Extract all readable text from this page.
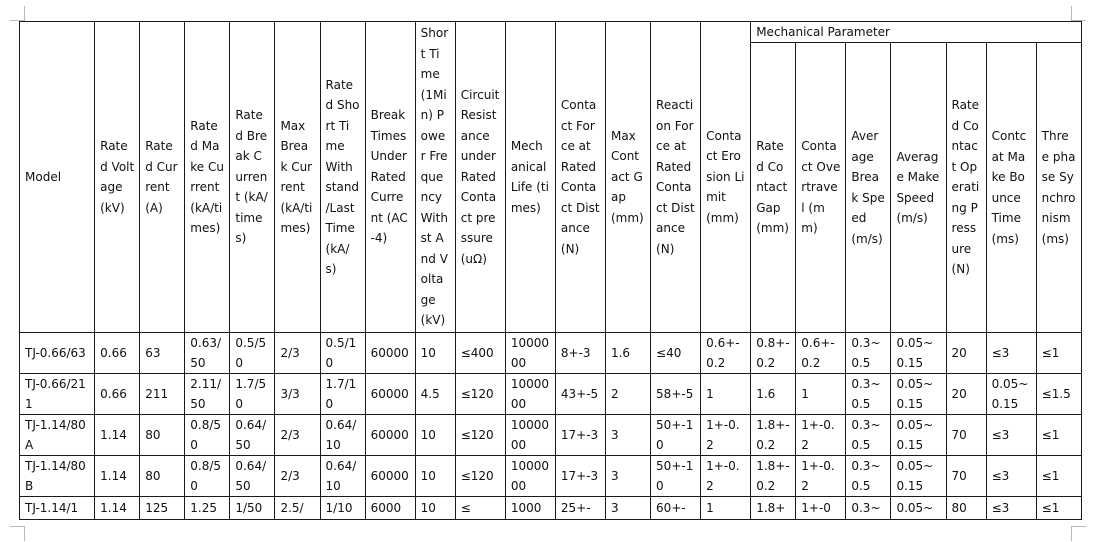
Model	Rated Voltage (kV)	Rated Current (A)	Rated Make Current (kA/times)	Rated Break Current (kA/times)	Max Break Current (kA/times)	Rated Short Time With stand /Last Time (kA/s)	Break Times Under Rated Current (AC-4)	Short Time (1Min) Power Frequency With st And Voltage (kV)	Circuit Resistance under Rated Contact pressure (uΩ)	Mechanical Life (times)	Contact Force at Rated Contact Distance (N)	Max Contact Gap (mm)	Reaction Force at Rated Contact Distance (N)	Contact Erosion Limit (mm)	Mechanical Parameter						
															Rated Contact Gap (mm)	Contact Overtravel (mm)	Average Break Speed (m/s)	Average Make Speed (m/s)	Rated Contact Operating Pressure (N)	Contcat Make Bounce Time (ms)	Three phase Synchronism (ms)
TJ-0.66/63	0.66	63	0.63/50	0.5/50	2/3	0.5/10	60000	10	≤400	1000000	8+-3	1.6	≤40	0.6+-0.2	0.8+-0.2	0.6+-0.2	0.3~0.5	0.05~0.15	20	≤3	≤1
TJ-0.66/211	0.66	211	2.11/50	1.7/50	3/3	1.7/10	60000	4.5	≤120	1000000	43+-5	2	58+-5	1	1.6	1	0.3~0.5	0.05~0.15	20	0.05~0.15	≤1.5
TJ-1.14/80A	1.14	80	0.8/50	0.64/50	2/3	0.64/10	60000	10	≤120	1000000	17+-3	3	50+-10	1+-0.2	1.8+-0.2	1+-0.2	0.3~0.5	0.05~0.15	70	≤3	≤1
TJ-1.14/80B	1.14	80	0.8/50	0.64/50	2/3	0.64/10	60000	10	≤120	1000000	17+-3	3	50+-10	1+-0.2	1.8+-0.2	1+-0.2	0.3~0.5	0.05~0.15	70	≤3	≤1
TJ-1.14/1	1.14	125	1.25	1/50	2.5/	1/10	6000	10	≤	1000	25+-	3	60+-	1	1.8+	1+-0	0.3~	0.05~	80	≤3	≤1
